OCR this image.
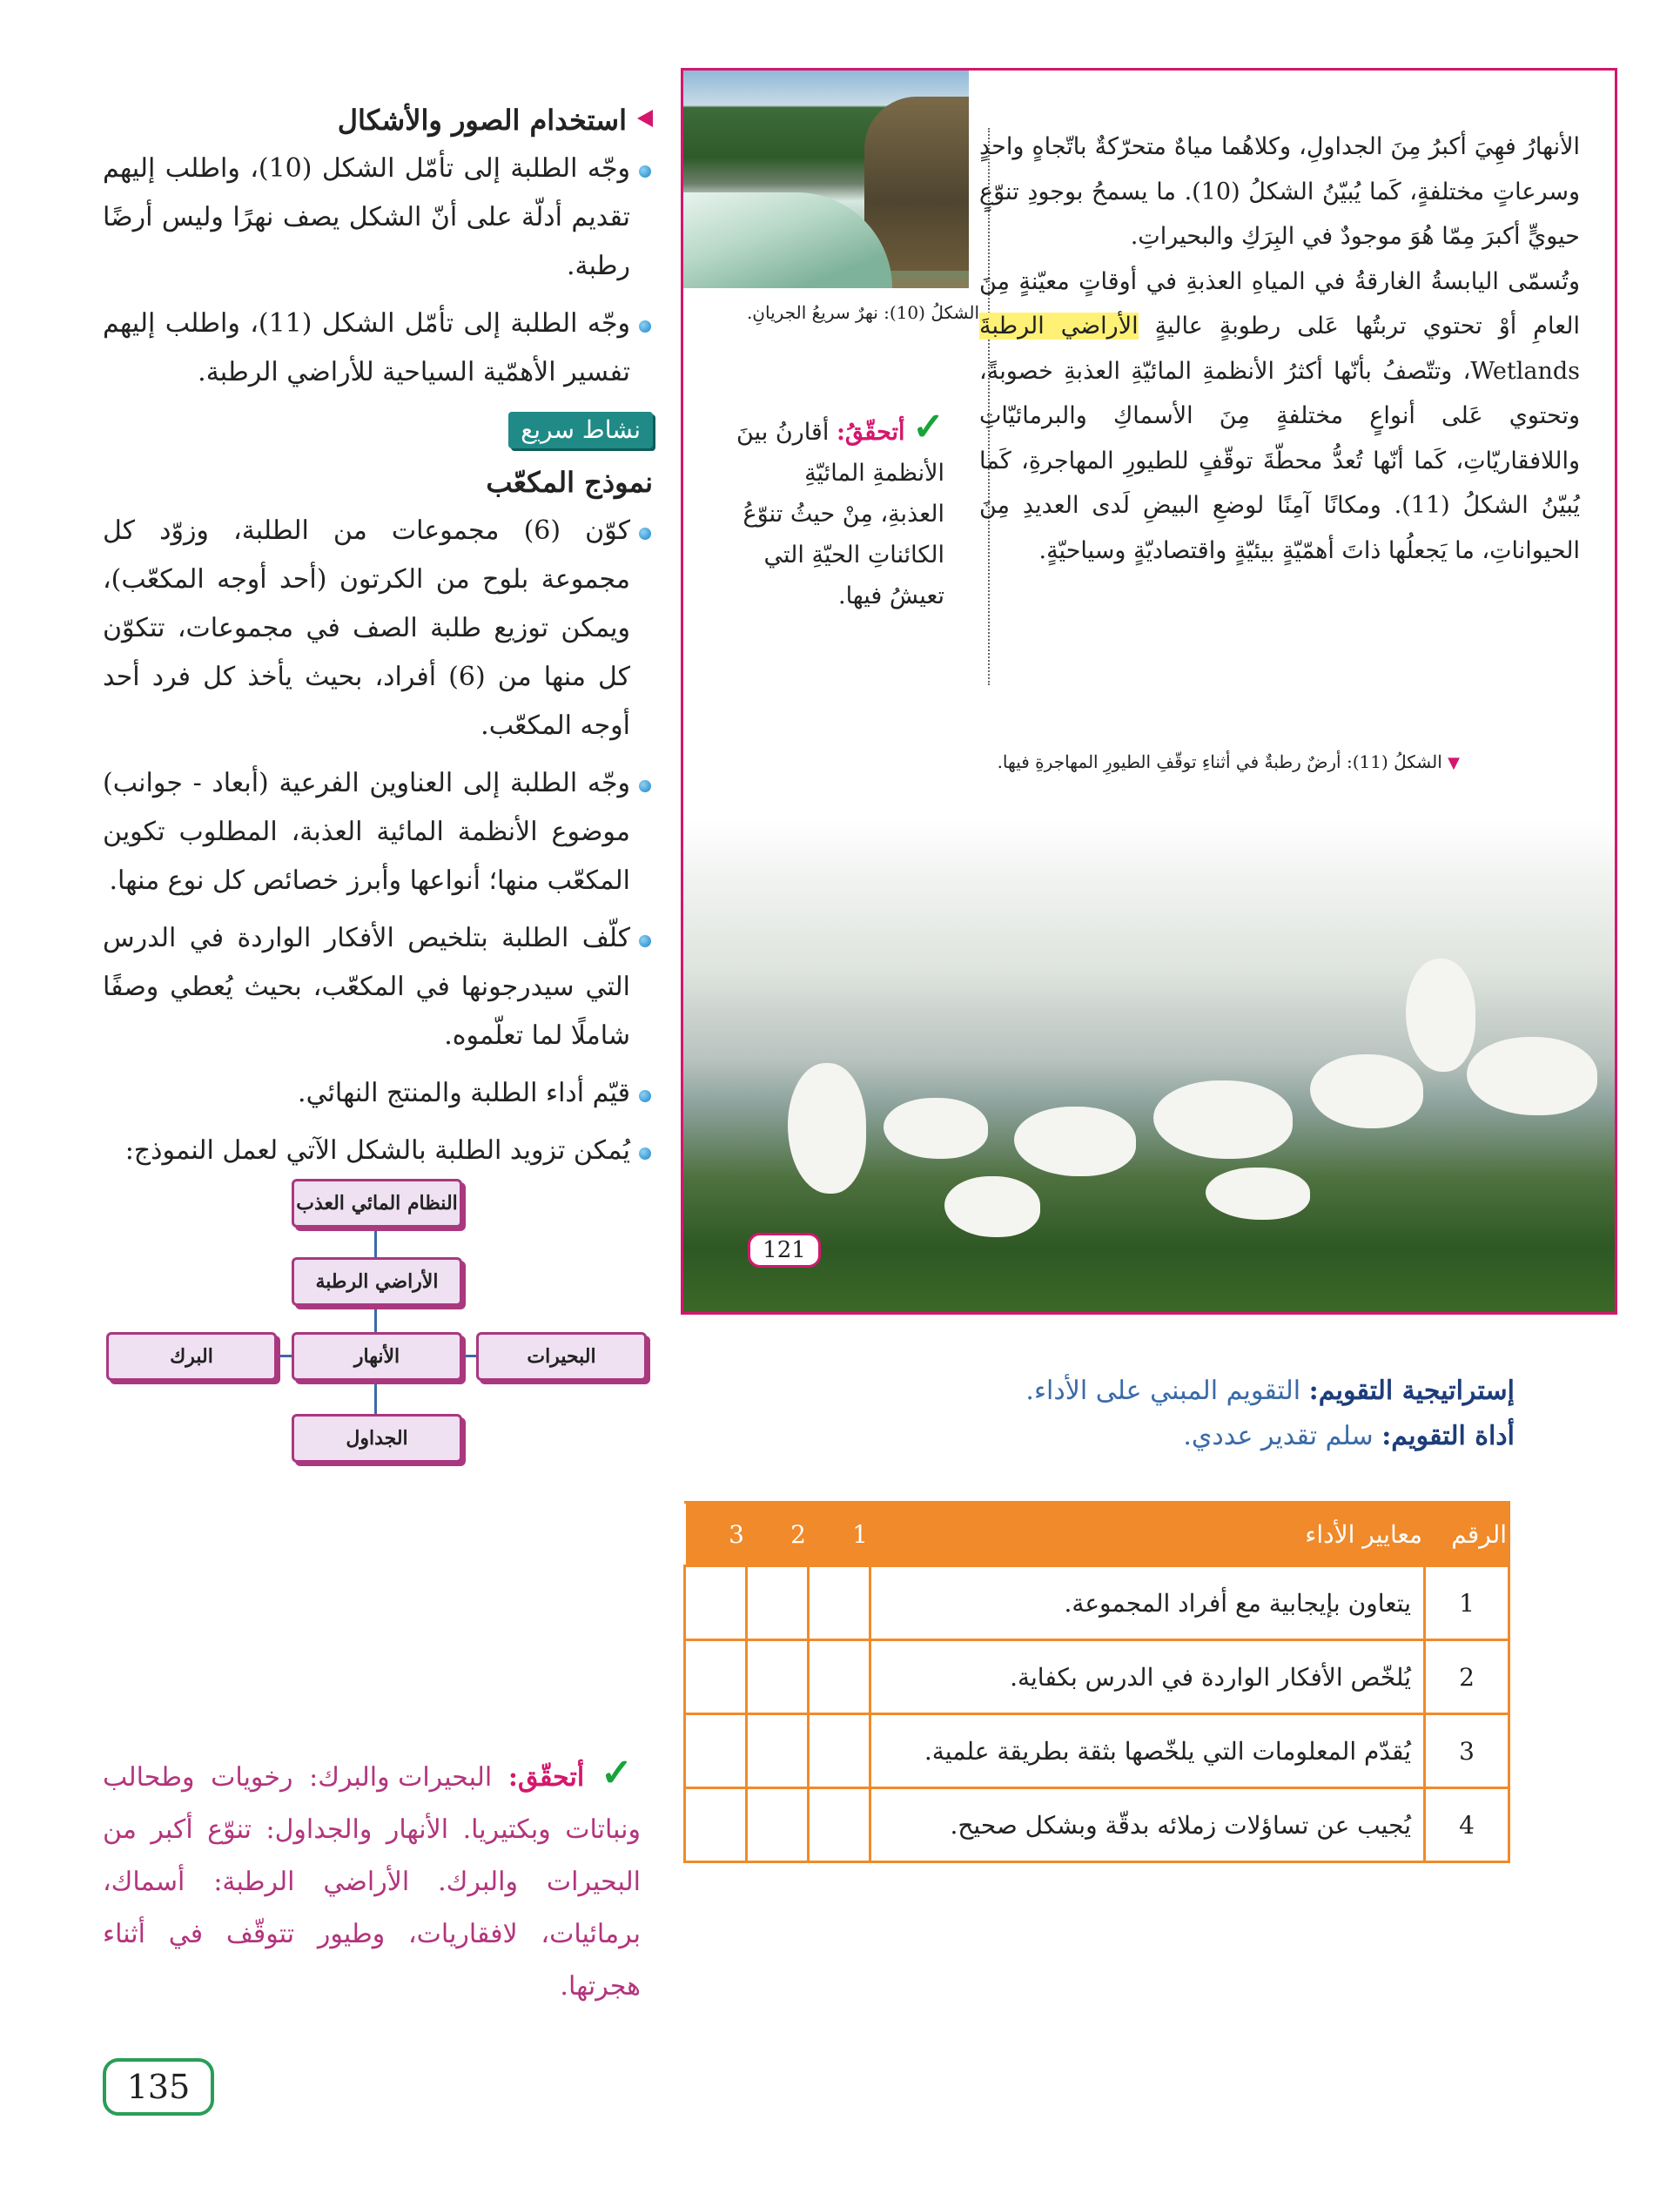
الشكلُ (10): نهرٌ سريعُ الجريانِ.

الأنهارُ فهِيَ أكبرُ مِنَ الجداولِ، وكلاهُما مياهٌ متحرّكةٌ باتّجاهٍ واحدٍ وسرعاتٍ مختلفةٍ، كَما يُبيّنُ الشكلُ (10). ما يسمحُ بوجودِ تنوّعٍ حيويٍّ أكبرَ مِمّا هُوَ موجودٌ في البِرَكِ والبحيراتِ.

وتُسمّى اليابسةُ الغارقةُ في المياهِ العذبةِ في أوقاتٍ معيّنةٍ مِنَ العامِ أوْ تحتوي تربتُها عَلى رطوبةٍ عاليةٍ الأراضي الرطبةَ Wetlands، وتتّصفُ بأنّها أكثرُ الأنظمةِ المائيّةِ العذبةِ خصوبةً، وتحتوي عَلى أنواعٍ مختلفةٍ مِنَ الأسماكِ والبرمائيّاتِ واللافقاريّاتِ، كَما أنّها تُعدُّ محطّةَ توقّفٍ للطيورِ المهاجرةِ، كَما يُبيّنُ الشكلُ (11). ومكانًا آمِنًا لوضعِ البيضِ لَدى العديدِ مِنَ الحيواناتِ، ما يَجعلُها ذاتَ أهمّيّةٍ بيئيّةٍ واقتصاديّةٍ وسياحيّةٍ.

✓ أتحقّقُ: أقارنُ بينَ الأنظمةِ المائيّةِ العذبةِ، مِنْ حيثُ تنوّعُ الكائناتِ الحيّةِ التي تعيشُ فيها.
▼ الشكلُ (11): أرضٌ رطبةٌ في أثناءِ توقّفِ الطيورِ المهاجرةِ فيها.
121
استخدام الصور والأشكال
وجّه الطلبة إلى تأمّل الشكل (10)، واطلب إليهم تقديم أدلّة على أنّ الشكل يصف نهرًا وليس أرضًا رطبة.
وجّه الطلبة إلى تأمّل الشكل (11)، واطلب إليهم تفسير الأهمّية السياحية للأراضي الرطبة.
نشاط سريع
نموذج المكعّب
كوّن (6) مجموعات من الطلبة، وزوّد كل مجموعة بلوح من الكرتون (أحد أوجه المكعّب)، ويمكن توزيع طلبة الصف في مجموعات، تتكوّن كل منها من (6) أفراد، بحيث يأخذ كل فرد أحد أوجه المكعّب.
وجّه الطلبة إلى العناوين الفرعية (أبعاد - جوانب) موضوع الأنظمة المائية العذبة، المطلوب تكوين المكعّب منها؛ أنواعها وأبرز خصائص كل نوع منها.
كلّف الطلبة بتلخيص الأفكار الواردة في الدرس التي سيدرجونها في المكعّب، بحيث يُعطي وصفًا شاملًا لما تعلّموه.
قيّم أداء الطلبة والمنتج النهائي.
يُمكن تزويد الطلبة بالشكل الآتي لعمل النموذج:
النظام المائي العذب
الأراضي الرطبة
الأنهار	البحيرات
البرك
الجداول
إستراتيجية التقويم: التقويم المبني على الأداء.
أداة التقويم: سلم تقدير عددي.
الرقم	معايير الأداء	1	2	3
1	يتعاون بإيجابية مع أفراد المجموعة.			
2	يُلخّص الأفكار الواردة في الدرس بكفاية.			
3	يُقدّم المعلومات التي يلخّصها بثقة بطريقة علمية.			
4	يُجيب عن تساؤلات زملائه بدقّة وبشكل صحيح.			
✓ أتحقّق: البحيرات والبرك: رخويات وطحالب ونباتات وبكتيريا. الأنهار والجداول: تنوّع أكبر من البحيرات والبرك. الأراضي الرطبة: أسماك، برمائيات، لافقاريات، وطيور تتوقّف في أثناء هجرتها.
135
